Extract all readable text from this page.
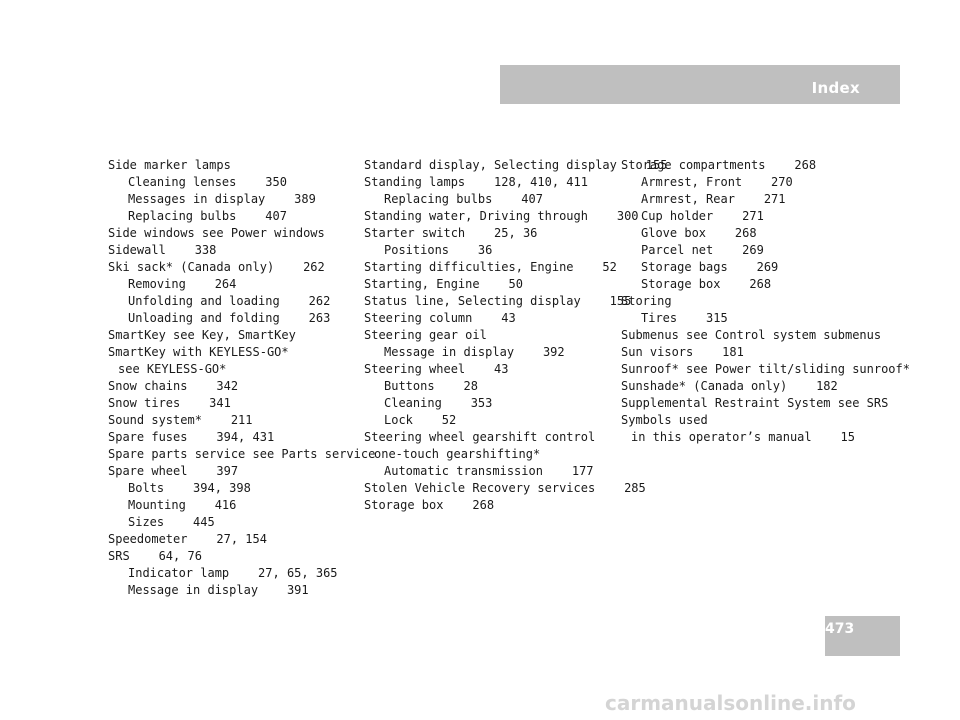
Index
Side marker lamps
Cleaning lenses    350
Messages in display    389
Replacing bulbs    407
Side windows see Power windows
Sidewall    338
Ski sack* (Canada only)    262
Removing    264
Unfolding and loading    262
Unloading and folding    263
SmartKey see Key, SmartKey
SmartKey with KEYLESS-GO*
see KEYLESS-GO*
Snow chains    342
Snow tires    341
Sound system*    211
Spare fuses    394, 431
Spare parts service see Parts service
Spare wheel    397
Bolts    394, 398
Mounting    416
Sizes    445
Speedometer    27, 154
SRS    64, 76
Indicator lamp    27, 65, 365
Message in display    391
Standard display, Selecting display    155
Standing lamps    128, 410, 411
Replacing bulbs    407
Standing water, Driving through    300
Starter switch    25, 36
Positions    36
Starting difficulties, Engine    52
Starting, Engine    50
Status line, Selecting display    155
Steering column    43
Steering gear oil
Message in display    392
Steering wheel    43
Buttons    28
Cleaning    353
Lock    52
Steering wheel gearshift control
one-touch gearshifting*
Automatic transmission    177
Stolen Vehicle Recovery services    285
Storage box    268
Storage compartments    268
Armrest, Front    270
Armrest, Rear    271
Cup holder    271
Glove box    268
Parcel net    269
Storage bags    269
Storage box    268
Storing
Tires    315
Submenus see Control system submenus
Sun visors    181
Sunroof* see Power tilt/sliding sunroof*
Sunshade* (Canada only)    182
Supplemental Restraint System see SRS
Symbols used
in this operator’s manual    15
473
carmanualsonline.info
